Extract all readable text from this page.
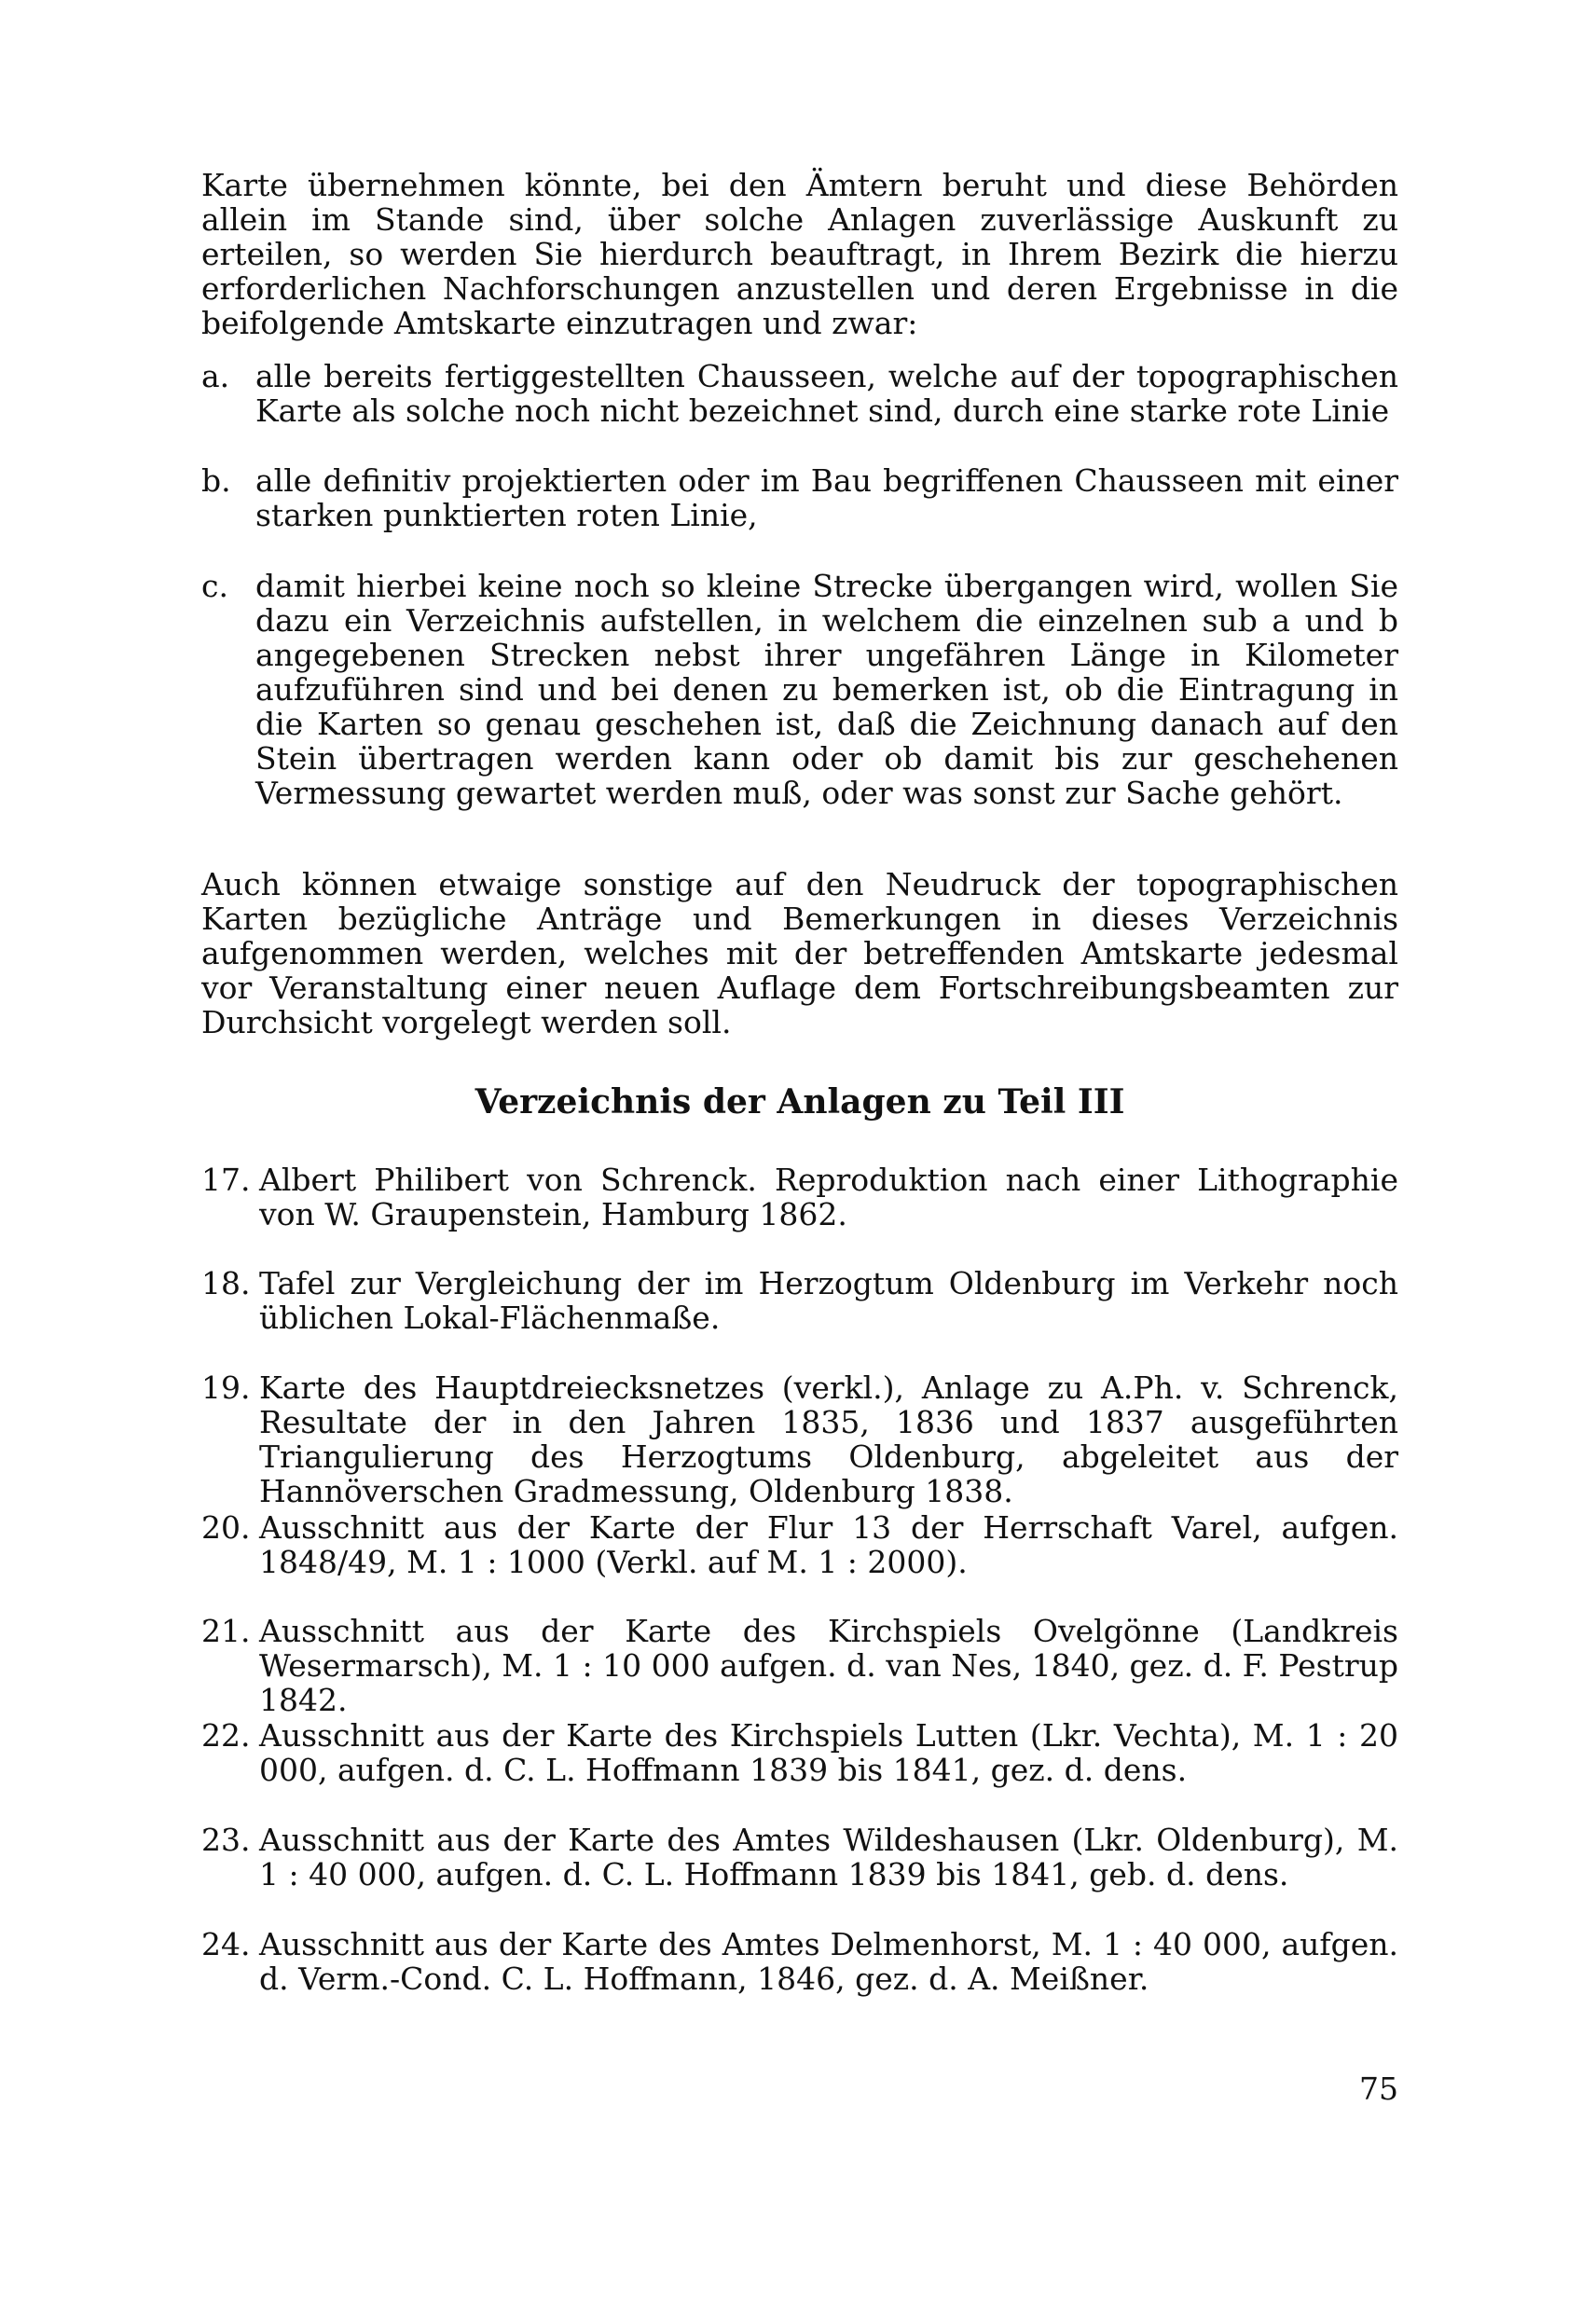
Karte übernehmen könnte, bei den Ämtern beruht und diese Behörden allein im Stande sind, über solche Anlagen zuverlässige Auskunft zu erteilen, so werden Sie hierdurch beauftragt, in Ihrem Bezirk die hierzu erforderlichen Nachforschungen anzustellen und deren Ergebnisse in die beifolgende Amtskarte einzutragen und zwar:

a. alle bereits fertiggestellten Chausseen, welche auf der topographischen Karte als solche noch nicht bezeichnet sind, durch eine starke rote Linie
b. alle definitiv projektierten oder im Bau begriffenen Chausseen mit einer starken punktierten roten Linie,
c. damit hierbei keine noch so kleine Strecke übergangen wird, wollen Sie dazu ein Verzeichnis aufstellen, in welchem die einzelnen sub a und b angegebenen Strecken nebst ihrer ungefähren Länge in Kilometer aufzuführen sind und bei denen zu bemerken ist, ob die Eintragung in die Karten so genau geschehen ist, daß die Zeichnung danach auf den Stein übertragen werden kann oder ob damit bis zur geschehenen Vermessung gewartet werden muß, oder was sonst zur Sache gehört.

Auch können etwaige sonstige auf den Neudruck der topographischen Karten bezügliche Anträge und Bemerkungen in dieses Verzeichnis aufgenommen werden, welches mit der betreffenden Amtskarte jedesmal vor Veranstaltung einer neuen Auflage dem Fortschreibungsbeamten zur Durchsicht vorgelegt werden soll.

Verzeichnis der Anlagen zu Teil III
17. Albert Philibert von Schrenck. Reproduktion nach einer Lithographie von W. Graupenstein, Hamburg 1862.
18. Tafel zur Vergleichung der im Herzogtum Oldenburg im Verkehr noch üblichen Lokal-Flächenmaße.
19. Karte des Hauptdreiecksnetzes (verkl.), Anlage zu A.Ph. v. Schrenck, Resultate der in den Jahren 1835, 1836 und 1837 ausgeführten Triangulierung des Herzogtums Oldenburg, abgeleitet aus der Hannöverschen Gradmessung, Oldenburg 1838.
20. Ausschnitt aus der Karte der Flur 13 der Herrschaft Varel, aufgen. 1848/49, M. 1 : 1000 (Verkl. auf M. 1 : 2000).
21. Ausschnitt aus der Karte des Kirchspiels Ovelgönne (Landkreis Wesermarsch), M. 1 : 10 000 aufgen. d. van Nes, 1840, gez. d. F. Pestrup 1842.
22. Ausschnitt aus der Karte des Kirchspiels Lutten (Lkr. Vechta), M. 1 : 20 000, aufgen. d. C. L. Hoffmann 1839 bis 1841, gez. d. dens.
23. Ausschnitt aus der Karte des Amtes Wildeshausen (Lkr. Oldenburg), M. 1 : 40 000, aufgen. d. C. L. Hoffmann 1839 bis 1841, geb. d. dens.
24. Ausschnitt aus der Karte des Amtes Delmenhorst, M. 1 : 40 000, aufgen. d. Verm.-Cond. C. L. Hoffmann, 1846, gez. d. A. Meißner.
75
